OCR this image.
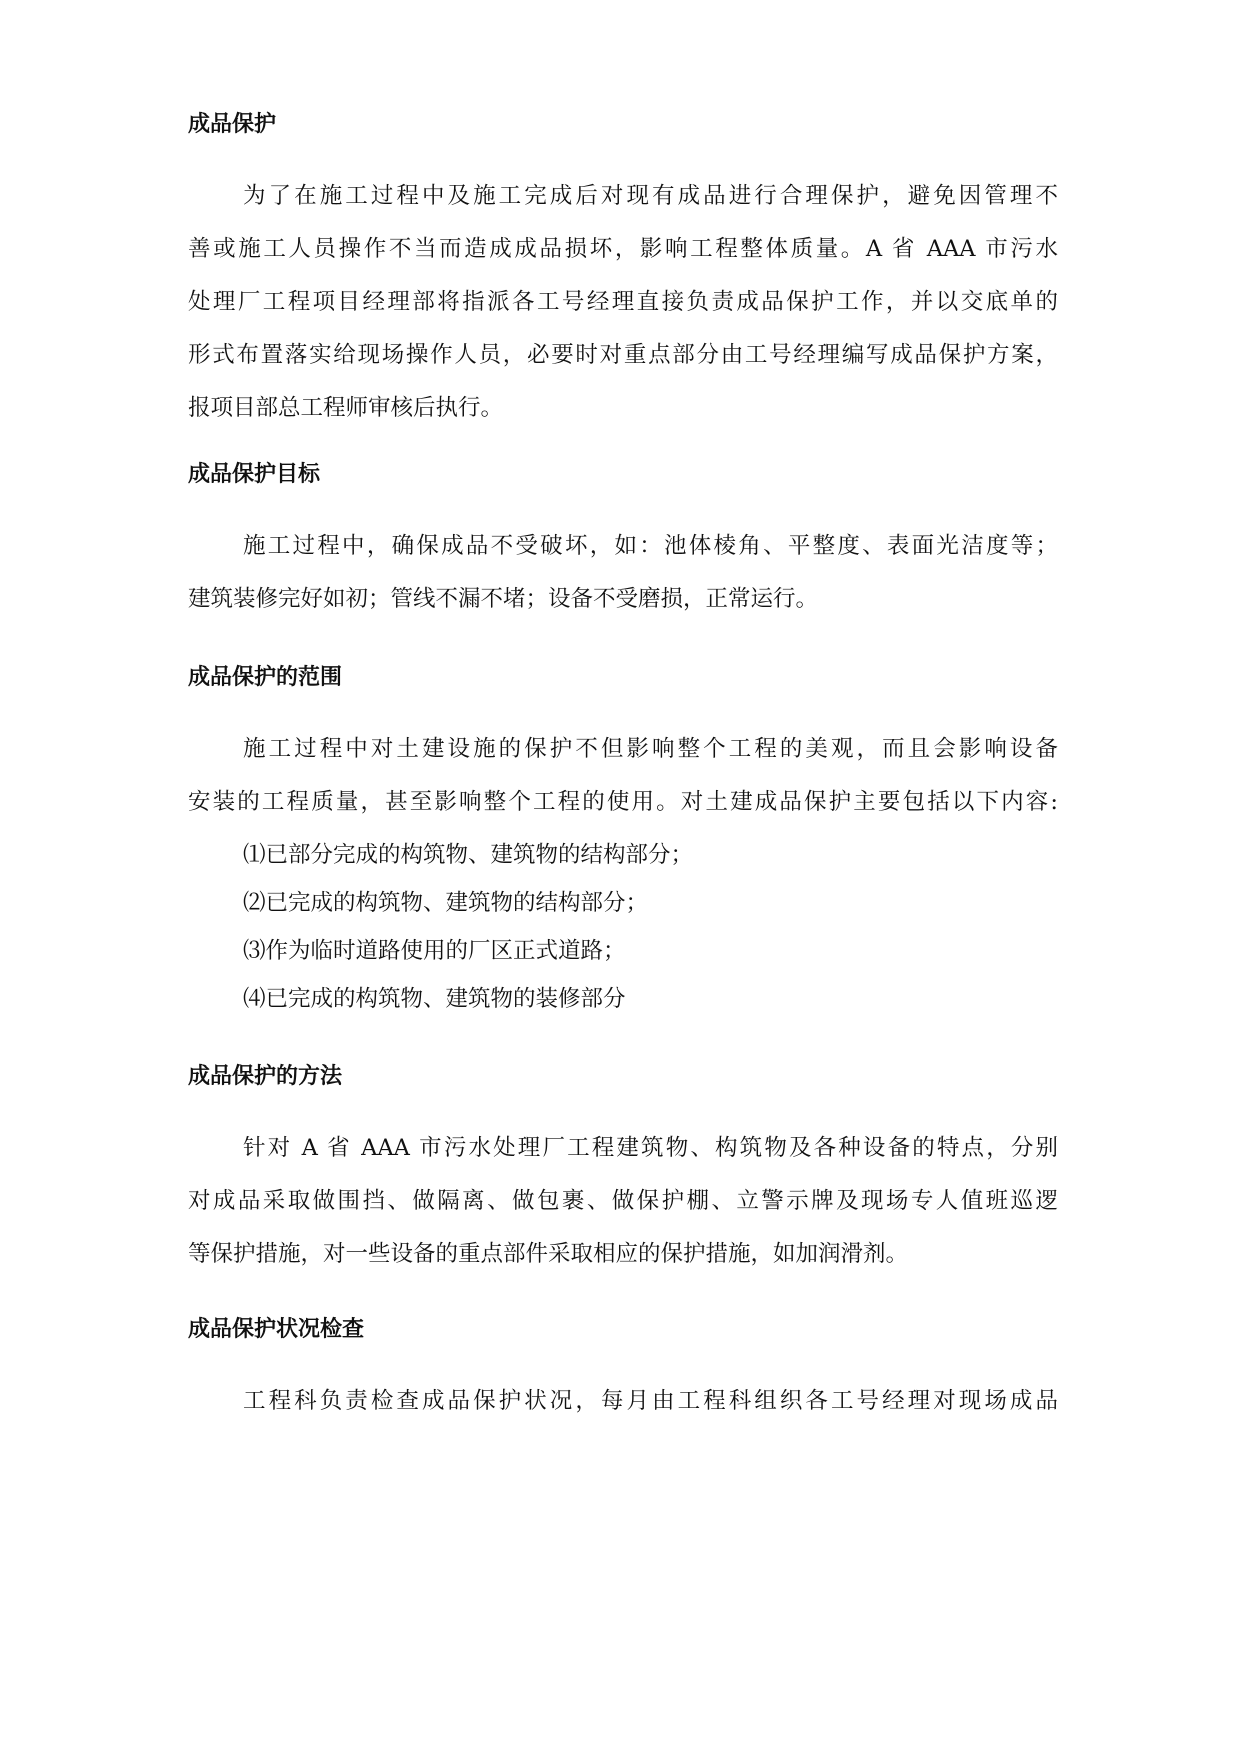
成品保护
为了在施工过程中及施工完成后对现有成品进行合理保护，避免因管理不
善或施工人员操作不当而造成成品损坏，影响工程整体质量。A 省 AAA 市污水
处理厂工程项目经理部将指派各工号经理直接负责成品保护工作，并以交底单的
形式布置落实给现场操作人员，必要时对重点部分由工号经理编写成品保护方案，
报项目部总工程师审核后执行。
成品保护目标
施工过程中，确保成品不受破坏，如：池体棱角、平整度、表面光洁度等；
建筑装修完好如初；管线不漏不堵；设备不受磨损，正常运行。
成品保护的范围
施工过程中对土建设施的保护不但影响整个工程的美观，而且会影响设备
安装的工程质量，甚至影响整个工程的使用。对土建成品保护主要包括以下内容:
⑴已部分完成的构筑物、建筑物的结构部分；
⑵已完成的构筑物、建筑物的结构部分；
⑶作为临时道路使用的厂区正式道路；
⑷已完成的构筑物、建筑物的装修部分
成品保护的方法
针对 A 省 AAA 市污水处理厂工程建筑物、构筑物及各种设备的特点，分别
对成品采取做围挡、做隔离、做包裹、做保护棚、立警示牌及现场专人值班巡逻
等保护措施，对一些设备的重点部件采取相应的保护措施，如加润滑剂。
成品保护状况检查
工程科负责检查成品保护状况，每月由工程科组织各工号经理对现场成品
